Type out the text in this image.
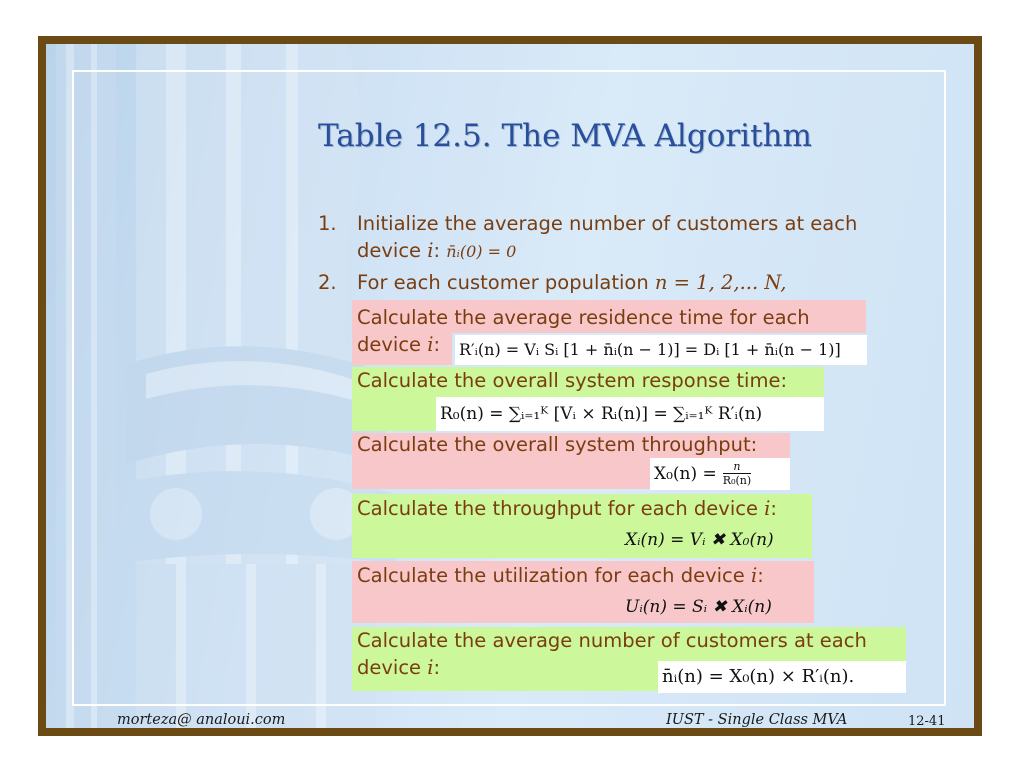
Table 12.5. The MVA Algorithm
1. Initialize the average number of customers at each
device i: n̄ᵢ(0) = 0
2. For each customer population n = 1, 2,... N,
Calculate the average residence time for each
device i: R′ᵢ(n) = Vᵢ Sᵢ [1 + n̄ᵢ(n − 1)] = Dᵢ [1 + n̄ᵢ(n − 1)]
Calculate the overall system response time:
R₀(n) = ∑ᵢ₌₁ᴷ [Vᵢ × Rᵢ(n)] = ∑ᵢ₌₁ᴷ R′ᵢ(n)
Calculate the overall system throughput:
$X_0(n) = \frac{n}{\text{R₀(n)}}$
Calculate the throughput for each device i:
Xᵢ(n) = Vᵢ ✖ X₀(n)
Calculate the utilization for each device i:
Uᵢ(n) = Sᵢ ✖ Xᵢ(n)
Calculate the average number of customers at each
device i:	n̄ᵢ(n) = X₀(n) × R′ᵢ(n).
morteza@ analoui.com	IUST - Single Class MVA	12-41
